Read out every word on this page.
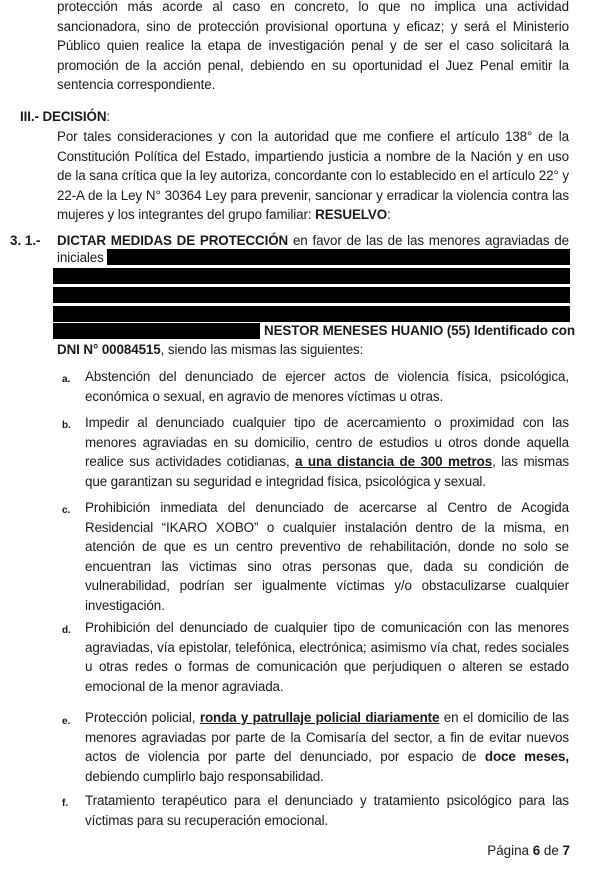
protección más acorde al caso en concreto, lo que no implica una actividad
sancionadora, sino de protección provisional oportuna y eficaz; y será el Ministerio
Público quien realice la etapa de investigación penal y de ser el caso solicitará la
promoción de la acción penal, debiendo en su oportunidad el Juez Penal emitir la
sentencia correspondiente.

III.- DECISIÓN:

Por tales consideraciones y con la autoridad que me confiere el artículo 138° de la Constitución Política del Estado, impartiendo justicia a nombre de la Nación y en uso de la sana crítica que la ley autoriza, concordante con lo establecido en el artículo 22° y 22-A de la Ley N° 30364 Ley para prevenir, sancionar y erradicar la violencia contra las mujeres y los integrantes del grupo familiar: RESUELVO:

3. 1.- DICTAR MEDIDAS DE PROTECCIÓN en favor de las de las menores agraviadas de

iniciales
NESTOR MENESES HUANIO (55) Identificado con
DNI N° 00084515, siendo las mismas las siguientes:
a. Abstención del denunciado de ejercer actos de violencia física, psicológica, económica o sexual, en agravio de menores víctimas u otras.

b. Impedir al denunciado cualquier tipo de acercamiento o proximidad con las menores agraviadas en su domicilio, centro de estudios u otros donde aquella realice sus actividades cotidianas, a una distancia de 300 metros, las mismas que garantizan su seguridad e integridad física, psicológica y sexual.

c. Prohibición inmediata del denunciado de acercarse al Centro de Acogida Residencial “IKARO XOBO” o cualquier instalación dentro de la misma, en atención de que es un centro preventivo de rehabilitación, donde no solo se encuentran las victimas sino otras personas que, dada su condición de vulnerabilidad, podrían ser igualmente víctimas y/o obstaculizarse cualquier investigación.

d. Prohibición del denunciado de cualquier tipo de comunicación con las menores agraviadas, vía epistolar, telefónica, electrónica; asimismo vía chat, redes sociales u otras redes o formas de comunicación que perjudiquen o alteren se estado emocional de la menor agraviada.

e. Protección policial, ronda y patrullaje policial diariamente en el domicilio de las menores agraviadas por parte de la Comisaría del sector, a fin de evitar nuevos actos de violencia por parte del denunciado, por espacio de doce meses, debiendo cumplirlo bajo responsabilidad.

f. Tratamiento terapéutico para el denunciado y tratamiento psicológico para las víctimas para su recuperación emocional.

Página 6 de 7
